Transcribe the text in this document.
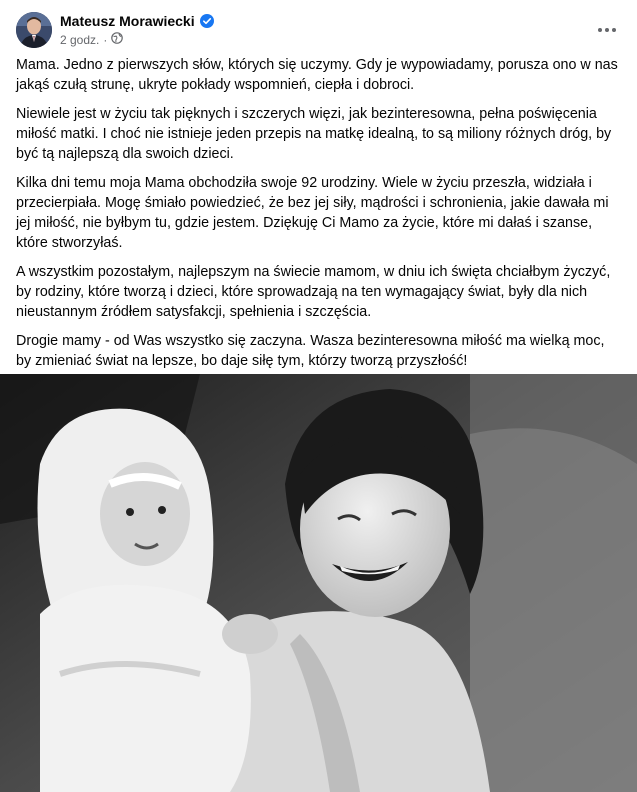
Mateusz Morawiecki
2 godz. ·

Mama. Jedno z pierwszych słów, których się uczymy. Gdy je wypowiadamy, porusza ono w nas jakąś czułą strunę, ukryte pokłady wspomnień, ciepła i dobroci.

Niewiele jest w życiu tak pięknych i szczerych więzi, jak bezinteresowna, pełna poświęcenia miłość matki. I choć nie istnieje jeden przepis na matkę idealną, to są miliony różnych dróg, by być tą najlepszą dla swoich dzieci.

Kilka dni temu moja Mama obchodziła swoje 92 urodziny. Wiele w życiu przeszła, widziała i przecierpiała. Mogę śmiało powiedzieć, że bez jej siły, mądrości i schronienia, jakie dawała mi jej miłość, nie byłbym tu, gdzie jestem. Dziękuję Ci Mamo za życie, które mi dałaś i szanse, które stworzyłaś.

A wszystkim pozostałym, najlepszym na świecie mamom, w dniu ich święta chciałbym życzyć, by rodziny, które tworzą i dzieci, które sprowadzają na ten wymagający świat, były dla nich nieustannym źródłem satysfakcji, spełnienia i szczęścia.

Drogie mamy - od Was wszystko się zaczyna. Wasza bezinteresowna miłość ma wielką moc, by zmieniać świat na lepsze, bo daje siłę tym, którzy tworzą przyszłość!
